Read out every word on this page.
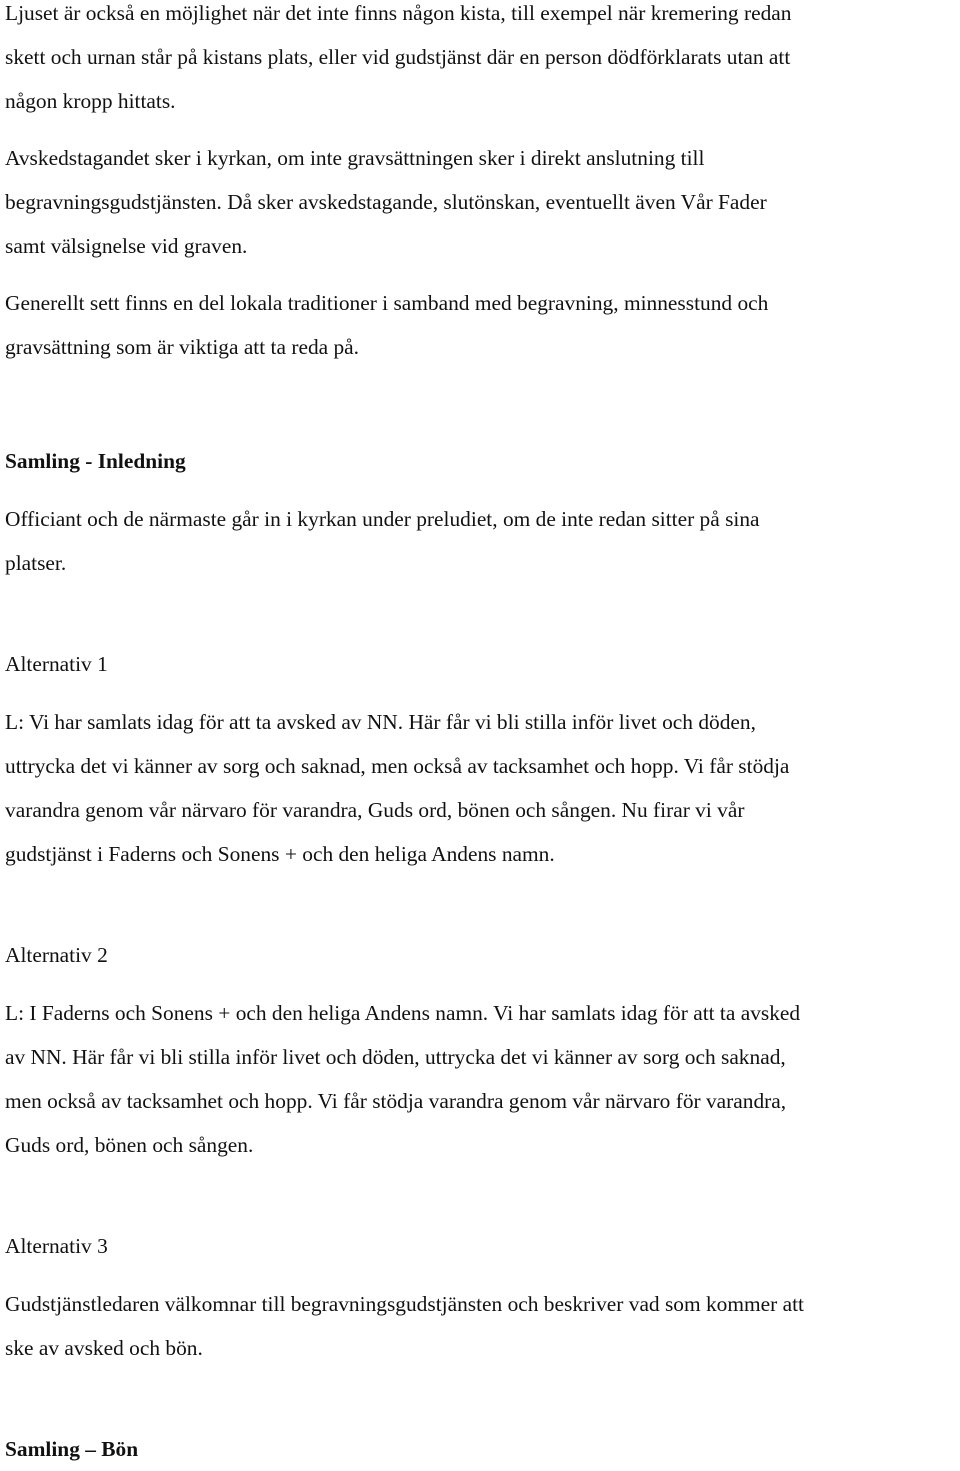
Ljuset är också en möjlighet när det inte finns någon kista, till exempel när kremering redan
skett och urnan står på kistans plats, eller vid gudstjänst där en person dödförklarats utan att
någon kropp hittats.
Avskedstagandet sker i kyrkan, om inte gravsättningen sker i direkt anslutning till
begravningsgudstjänsten. Då sker avskedstagande, slutönskan, eventuellt även Vår Fader
samt välsignelse vid graven.
Generellt sett finns en del lokala traditioner i samband med begravning, minnesstund och
gravsättning som är viktiga att ta reda på.
Samling - Inledning
Officiant och de närmaste går in i kyrkan under preludiet, om de inte redan sitter på sina
platser.
Alternativ 1
L: Vi har samlats idag för att ta avsked av NN. Här får vi bli stilla inför livet och döden,
uttrycka det vi känner av sorg och saknad, men också av tacksamhet och hopp. Vi får stödja
varandra genom vår närvaro för varandra, Guds ord, bönen och sången. Nu firar vi vår
gudstjänst i Faderns och Sonens + och den heliga Andens namn.
Alternativ 2
L: I Faderns och Sonens + och den heliga Andens namn. Vi har samlats idag för att ta avsked
av NN. Här får vi bli stilla inför livet och döden, uttrycka det vi känner av sorg och saknad,
men också av tacksamhet och hopp. Vi får stödja varandra genom vår närvaro för varandra,
Guds ord, bönen och sången.
Alternativ 3
Gudstjänstledaren välkomnar till begravningsgudstjänsten och beskriver vad som kommer att
ske av avsked och bön.
Samling – Bön
